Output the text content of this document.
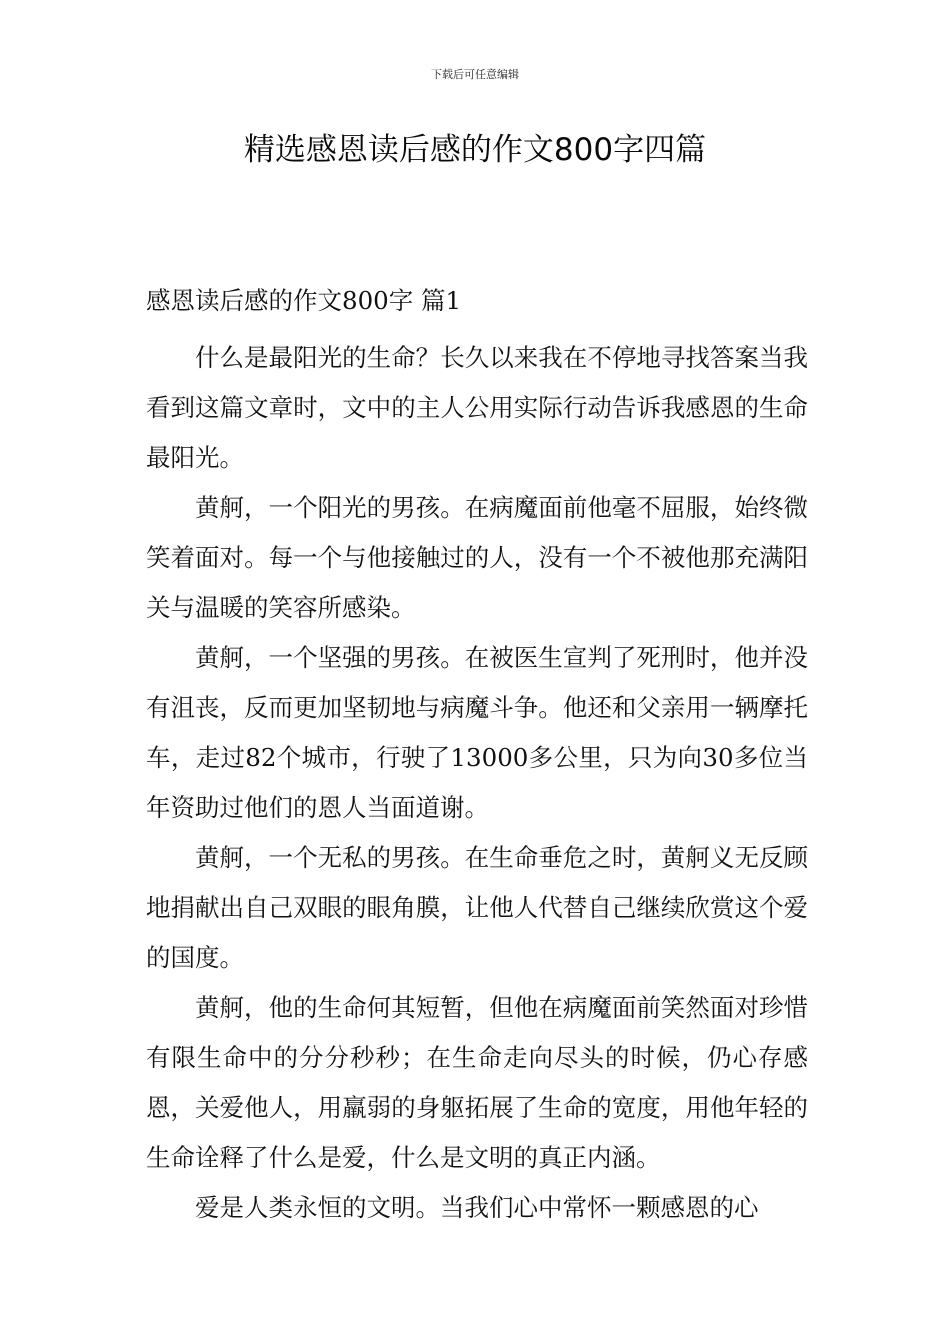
下载后可任意编辑
精选感恩读后感的作文800字四篇

感恩读后感的作文800字 篇1

什么是最阳光的生命？长久以来我在不停地寻找答案当我看到这篇文章时，文中的主人公用实际行动告诉我感恩的生命最阳光。

黄舸，一个阳光的男孩。在病魔面前他毫不屈服，始终微笑着面对。每一个与他接触过的人，没有一个不被他那充满阳关与温暖的笑容所感染。

黄舸，一个坚强的男孩。在被医生宣判了死刑时，他并没有沮丧，反而更加坚韧地与病魔斗争。他还和父亲用一辆摩托车，走过82个城市，行驶了13000多公里，只为向30多位当年资助过他们的恩人当面道谢。

黄舸，一个无私的男孩。在生命垂危之时，黄舸义无反顾地捐献出自己双眼的眼角膜，让他人代替自己继续欣赏这个爱的国度。

黄舸，他的生命何其短暂，但他在病魔面前笑然面对珍惜有限生命中的分分秒秒；在生命走向尽头的时候，仍心存感恩，关爱他人，用羸弱的身躯拓展了生命的宽度，用他年轻的生命诠释了什么是爱，什么是文明的真正内涵。

爱是人类永恒的文明。当我们心中常怀一颗感恩的心
